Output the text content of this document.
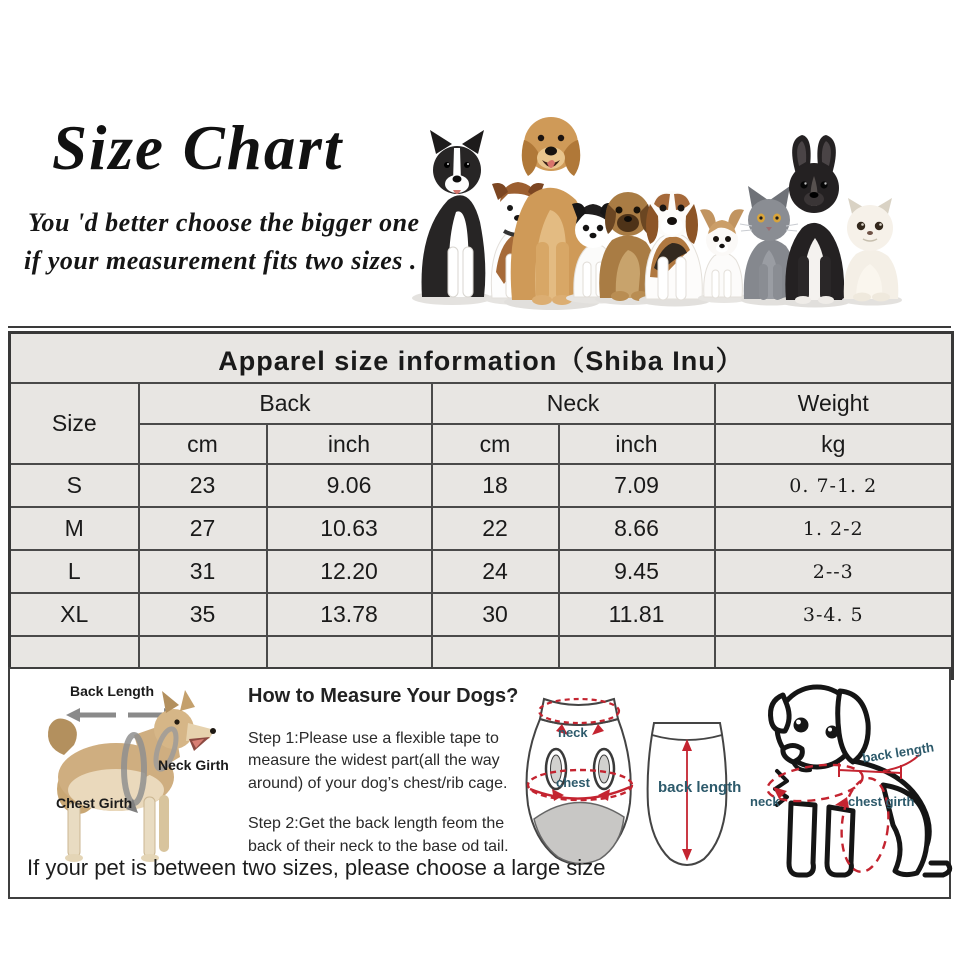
Size Chart
You 'd better choose the bigger one
if your measurement fits two sizes .
Apparel size information（Shiba Inu）					
Size	Back		Neck		Weight
	cm	inch	cm	inch	kg
S	23	9.06	18	7.09	0. 7-1. 2
M	27	10.63	22	8.66	1. 2-2
L	31	12.20	24	9.45	2--3
XL	35	13.78	30	11.81	3-4. 5

Back Length
Neck Girth
Chest Girth

How to Measure Your Dogs?

Step 1:Please use a flexible tape to measure the widest part(all the way around) of your dog’s chest/rib cage.

Step 2:Get the back length feom the back of their neck to the base od tail.

neck
chest	back length
back length
neck	chest girth
If your pet is between two sizes, please choose a large size
